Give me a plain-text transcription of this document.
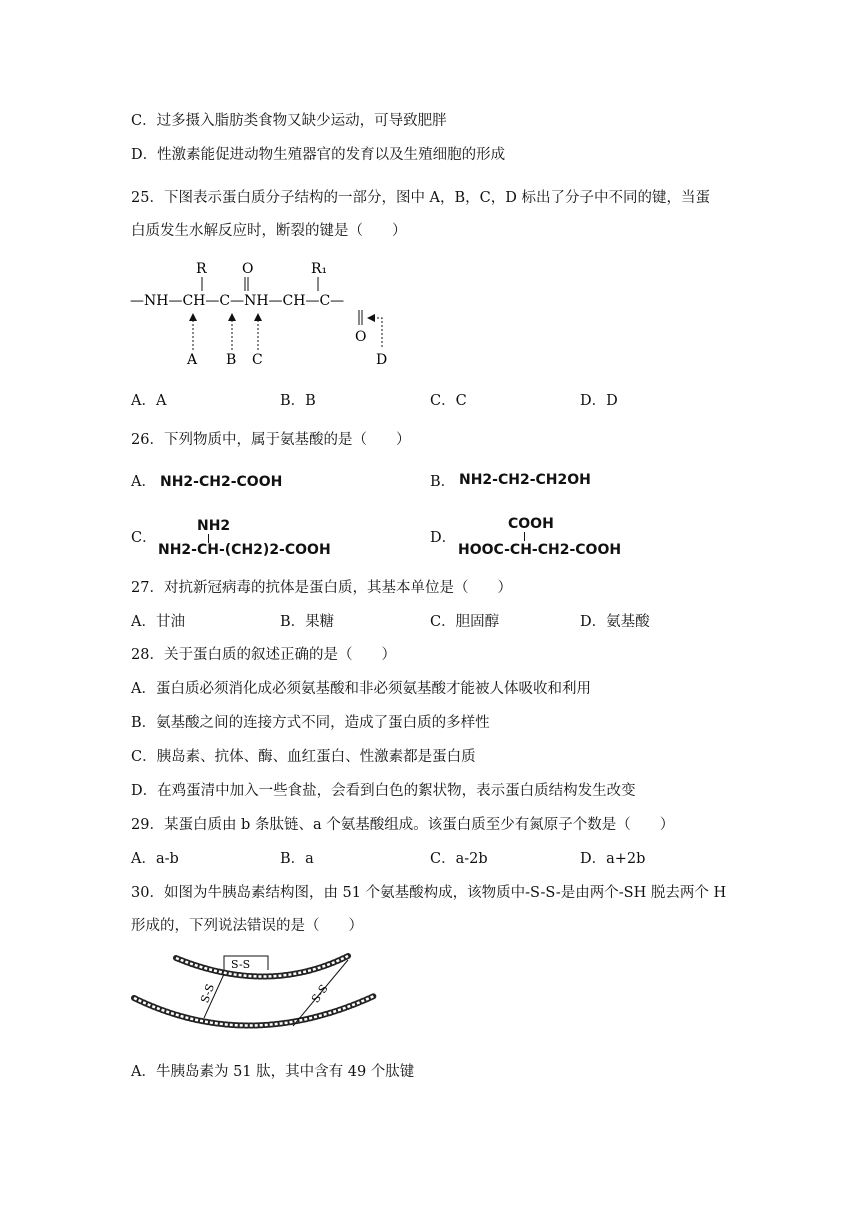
C．过多摄入脂肪类食物又缺少运动，可导致肥胖
D．性激素能促进动物生殖器官的发育以及生殖细胞的形成
25．下图表示蛋白质分子结构的一部分，图中 A，B，C，D 标出了分子中不同的键，当蛋
白质发生水解反应时，断裂的键是（　　）
R	O	R₁
—NH—CH—C—NH—CH—C—
O
A B C	D
A．A	B．B	C．C	D．D
26．下列物质中，属于氨基酸的是（　　）
A． NH2-CH2-COOH	B． NH2-CH2-CH2OH
NH2
C．
NH2-CH-(CH2)2-COOH
COOH
D．
HOOC-CH-CH2-COOH
27．对抗新冠病毒的抗体是蛋白质，其基本单位是（　　）
A．甘油	B．果糖	C．胆固醇	D．氨基酸
28．关于蛋白质的叙述正确的是（　　）
A．蛋白质必须消化成必须氨基酸和非必须氨基酸才能被人体吸收和利用
B．氨基酸之间的连接方式不同，造成了蛋白质的多样性
C．胰岛素、抗体、酶、血红蛋白、性激素都是蛋白质
D．在鸡蛋清中加入一些食盐，会看到白色的絮状物，表示蛋白质结构发生改变
29．某蛋白质由 b 条肽链、a 个氨基酸组成。该蛋白质至少有氮原子个数是（　　）
A．a-b	B．a	C．a-2b	D．a+2b
30．如图为牛胰岛素结构图，由 51 个氨基酸构成，该物质中-S-S-是由两个-SH 脱去两个 H
形成的，下列说法错误的是（　　）
S-S
S-S	S-S
A．牛胰岛素为 51 肽，其中含有 49 个肽键
